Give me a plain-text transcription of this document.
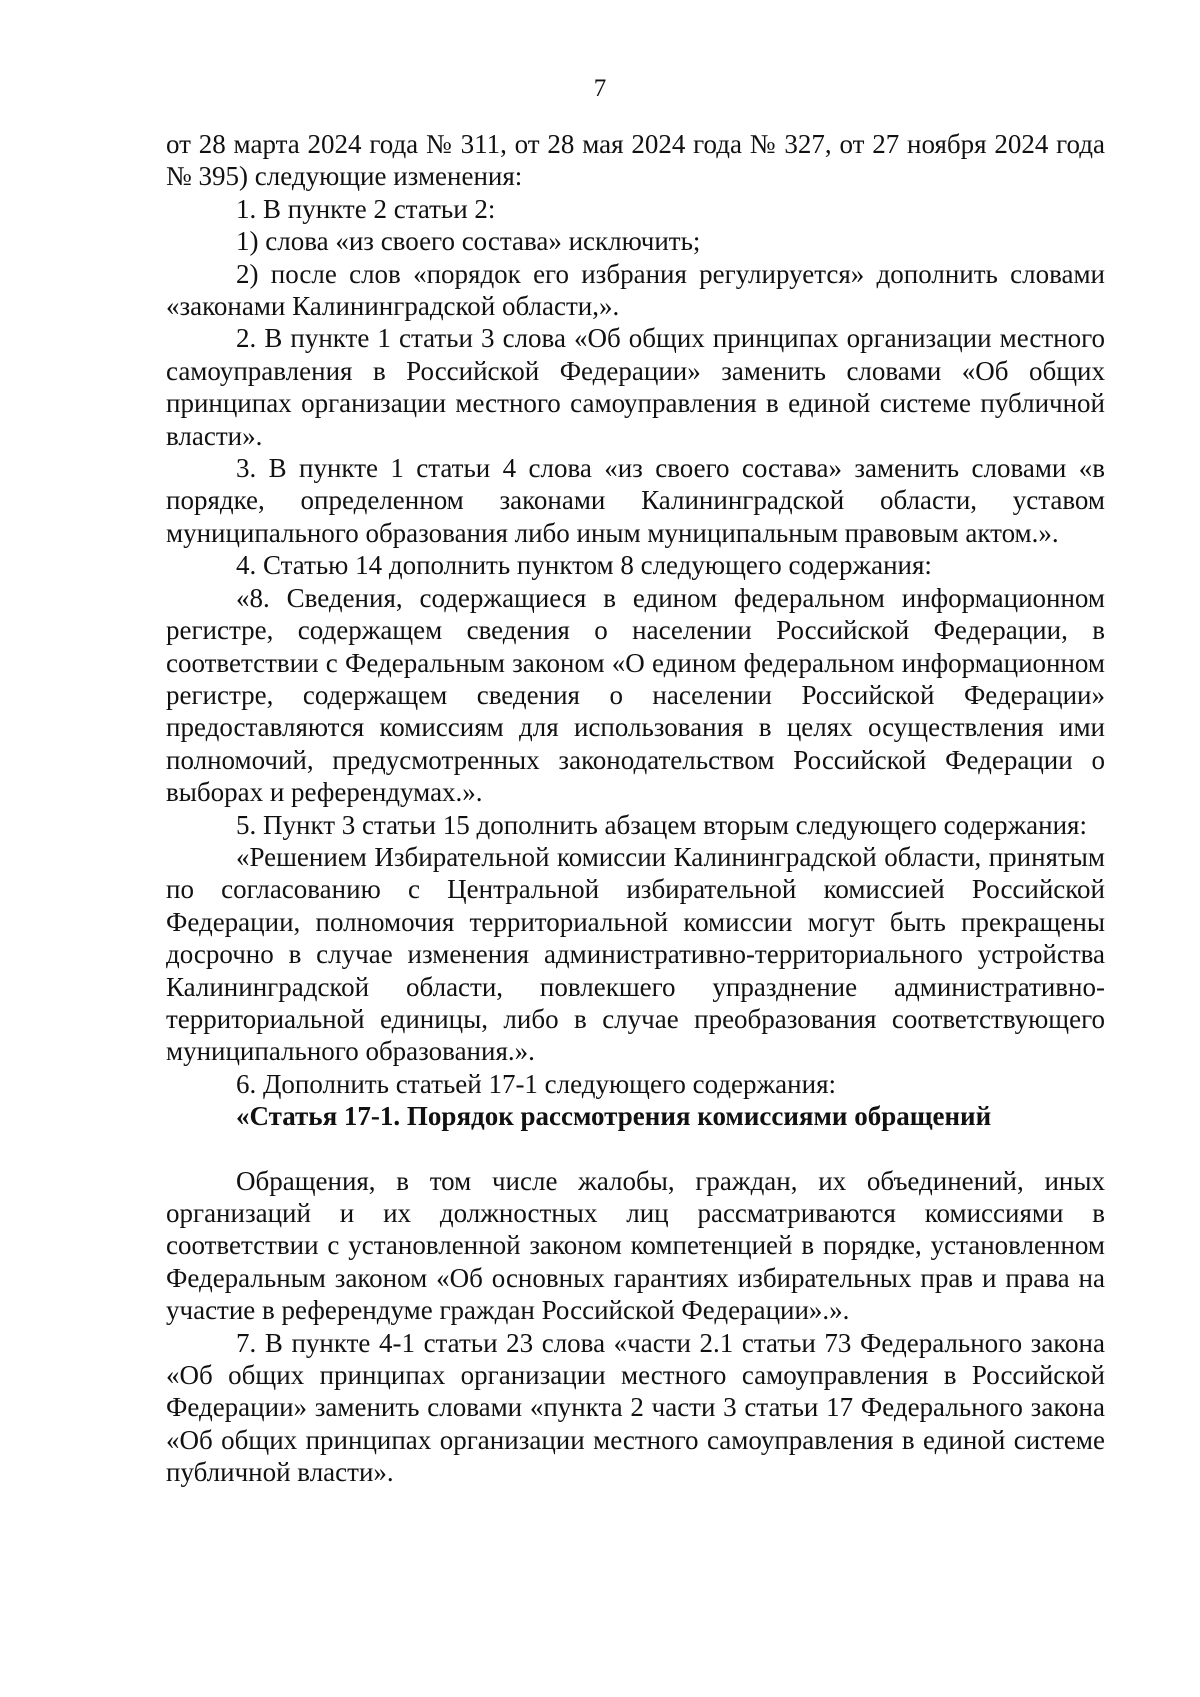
7

от 28 марта 2024 года № 311, от 28 мая 2024 года № 327, от 27 ноября 2024 года № 395) следующие изменения:

1. В пункте 2 статьи 2:

1) слова «из своего состава» исключить;

2) после слов «порядок его избрания регулируется» дополнить словами «законами Калининградской области,».

2. В пункте 1 статьи 3 слова «Об общих принципах организации местного самоуправления в Российской Федерации» заменить словами «Об общих принципах организации местного самоуправления в единой системе публичной власти».

3. В пункте 1 статьи 4 слова «из своего состава» заменить словами «в порядке, определенном законами Калининградской области, уставом муниципального образования либо иным муниципальным правовым актом.».

4. Статью 14 дополнить пунктом 8 следующего содержания:

«8. Сведения, содержащиеся в едином федеральном информационном регистре, содержащем сведения о населении Российской Федерации, в соответствии с Федеральным законом «О едином федеральном информационном регистре, содержащем сведения о населении Российской Федерации» предоставляются комиссиям для использования в целях осуществления ими полномочий, предусмотренных законодательством Российской Федерации о выборах и референдумах.».

5. Пункт 3 статьи 15 дополнить абзацем вторым следующего содержания:

«Решением Избирательной комиссии Калининградской области, принятым по согласованию с Центральной избирательной комиссией Российской Федерации, полномочия территориальной комиссии могут быть прекращены досрочно в случае изменения административно-территориального устройства Калининградской области, повлекшего упразднение административно-территориальной единицы, либо в случае преобразования соответствующего муниципального образования.».

6. Дополнить статьей 17-1 следующего содержания:

«Статья 17-1. Порядок рассмотрения комиссиями обращений

Обращения, в том числе жалобы, граждан, их объединений, иных организаций и их должностных лиц рассматриваются комиссиями в соответствии с установленной законом компетенцией в порядке, установленном Федеральным законом «Об основных гарантиях избирательных прав и права на участие в референдуме граждан Российской Федерации».».

7. В пункте 4-1 статьи 23 слова «части 2.1 статьи 73 Федерального закона «Об общих принципах организации местного самоуправления в Российской Федерации» заменить словами «пункта 2 части 3 статьи 17 Федерального закона «Об общих принципах организации местного самоуправления в единой системе публичной власти».
